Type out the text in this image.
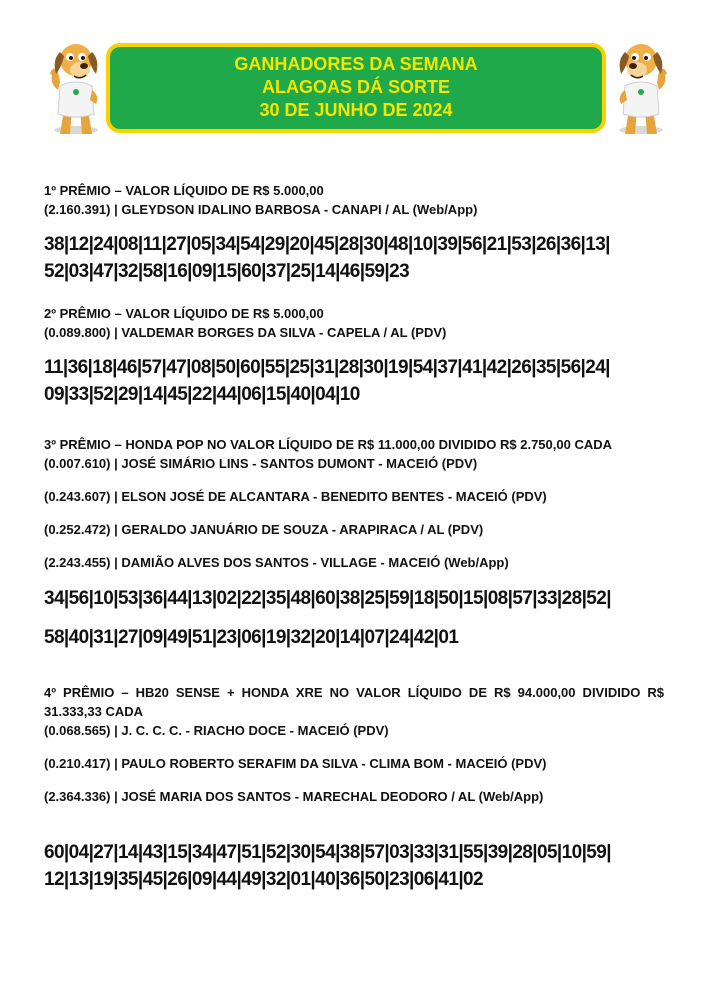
GANHADORES DA SEMANA
ALAGOAS DÁ SORTE
30 DE JUNHO DE 2024
1º PRÊMIO – VALOR LÍQUIDO DE R$ 5.000,00
(2.160.391) | GLEYDSON IDALINO BARBOSA - CANAPI / AL (Web/App)
38|12|24|08|11|27|05|34|54|29|20|45|28|30|48|10|39|56|21|53|26|36|13|
52|03|47|32|58|16|09|15|60|37|25|14|46|59|23
2º PRÊMIO – VALOR LÍQUIDO DE R$ 5.000,00
(0.089.800) | VALDEMAR BORGES DA SILVA - CAPELA / AL (PDV)
11|36|18|46|57|47|08|50|60|55|25|31|28|30|19|54|37|41|42|26|35|56|24|
09|33|52|29|14|45|22|44|06|15|40|04|10
3º PRÊMIO – HONDA POP NO VALOR LÍQUIDO DE R$ 11.000,00 DIVIDIDO R$ 2.750,00 CADA
(0.007.610) | JOSÉ SIMÁRIO LINS - SANTOS DUMONT - MACEIÓ (PDV)
(0.243.607) | ELSON JOSÉ DE ALCANTARA - BENEDITO BENTES - MACEIÓ (PDV)
(0.252.472) | GERALDO JANUÁRIO DE SOUZA - ARAPIRACA / AL (PDV)
(2.243.455) | DAMIÃO ALVES DOS SANTOS - VILLAGE - MACEIÓ (Web/App)
34|56|10|53|36|44|13|02|22|35|48|60|38|25|59|18|50|15|08|57|33|28|52|
58|40|31|27|09|49|51|23|06|19|32|20|14|07|24|42|01
4º PRÊMIO – HB20 SENSE + HONDA XRE NO VALOR LÍQUIDO DE R$ 94.000,00 DIVIDIDO R$ 31.333,33 CADA
(0.068.565) | J. C. C. C. - RIACHO DOCE - MACEIÓ (PDV)
(0.210.417) | PAULO ROBERTO SERAFIM DA SILVA - CLIMA BOM - MACEIÓ (PDV)
(2.364.336) | JOSÉ MARIA DOS SANTOS - MARECHAL DEODORO / AL (Web/App)
60|04|27|14|43|15|34|47|51|52|30|54|38|57|03|33|31|55|39|28|05|10|59|
12|13|19|35|45|26|09|44|49|32|01|40|36|50|23|06|41|02
